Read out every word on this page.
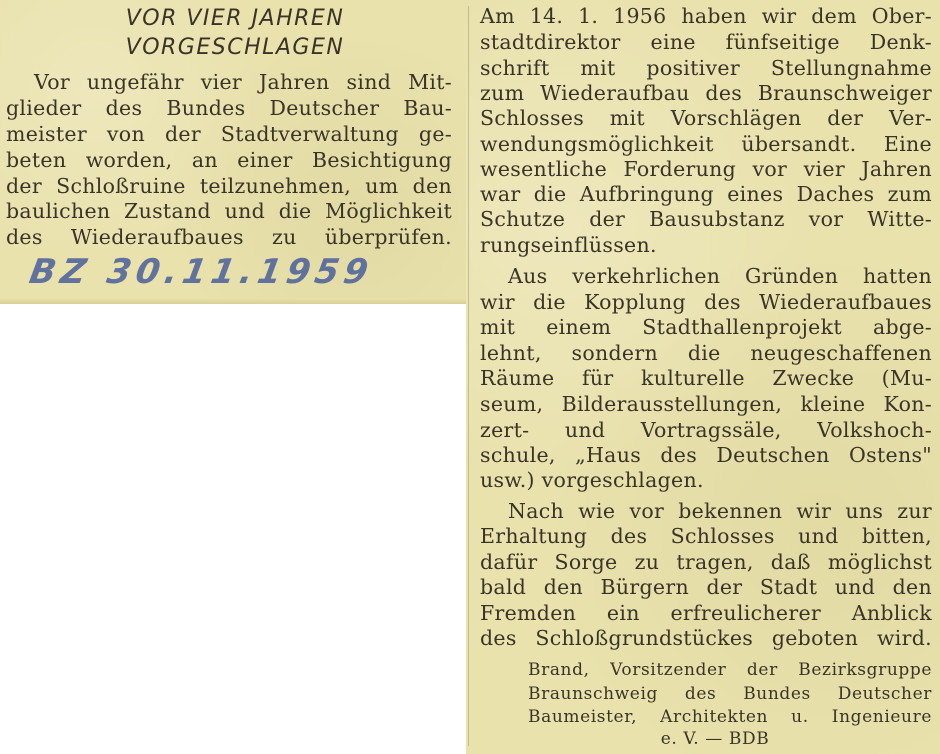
VOR VIER JAHREN
VORGESCHLAGEN
Vor ungefähr vier Jahren sind Mit-
glieder des Bundes Deutscher Bau-
meister von der Stadtverwaltung ge-
beten worden, an einer Besichtigung
der Schloßruine teilzunehmen, um den
baulichen Zustand und die Möglichkeit
des Wiederaufbaues zu überprüfen.
BZ 30.11.1959
Am 14. 1. 1956 haben wir dem Ober-
stadtdirektor eine fünfseitige Denk-
schrift mit positiver Stellungnahme
zum Wiederaufbau des Braunschweiger
Schlosses mit Vorschlägen der Ver-
wendungsmöglichkeit übersandt. Eine
wesentliche Forderung vor vier Jahren
war die Aufbringung eines Daches zum
Schutze der Bausubstanz vor Witte-
rungseinflüssen.
Aus verkehrlichen Gründen hatten
wir die Kopplung des Wiederaufbaues
mit einem Stadthallenprojekt abge-
lehnt, sondern die neugeschaffenen
Räume für kulturelle Zwecke (Mu-
seum, Bilderausstellungen, kleine Kon-
zert- und Vortragssäle, Volkshoch-
schule, „Haus des Deutschen Ostens"
usw.) vorgeschlagen.
Nach wie vor bekennen wir uns zur
Erhaltung des Schlosses und bitten,
dafür Sorge zu tragen, daß möglichst
bald den Bürgern der Stadt und den
Fremden ein erfreulicherer Anblick
des Schloßgrundstückes geboten wird.
Brand, Vorsitzender der Bezirksgruppe
Braunschweig des Bundes Deutscher
Baumeister, Architekten u. Ingenieure
e. V. — BDB
